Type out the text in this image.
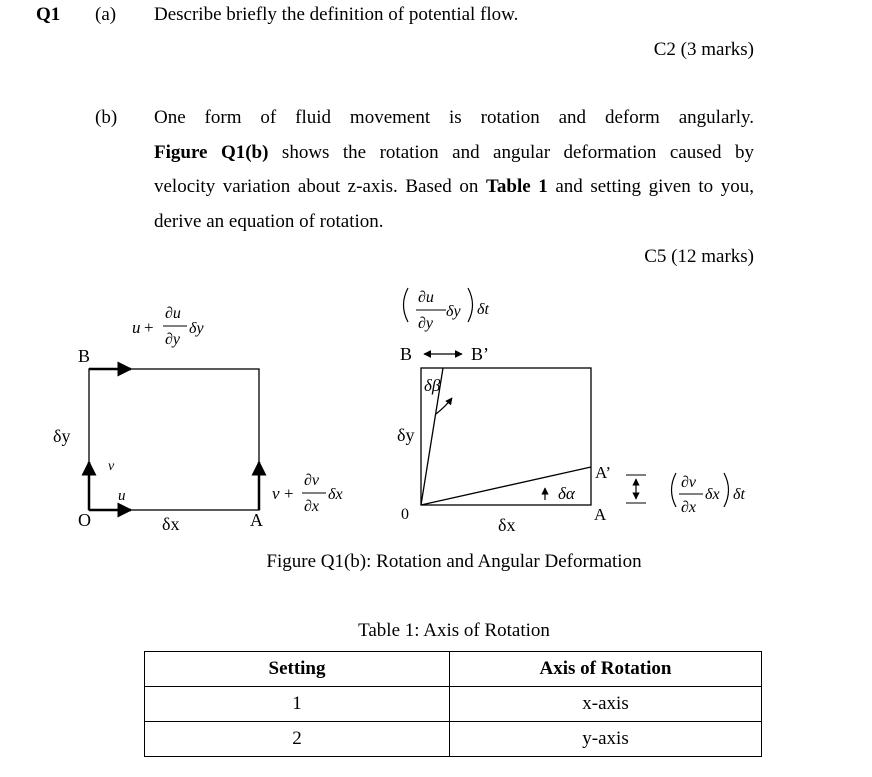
Q1 (a) Describe briefly the definition of potential flow.
C2 (3 marks)
(b) One form of fluid movement is rotation and deform angularly.
Figure Q1(b) shows the rotation and angular deformation caused by
velocity variation about z-axis. Based on Table 1 and setting given to you,
derive an equation of rotation.
C5 (12 marks)
u +
∂u
∂y
δy
B
δy
v
u
O	δx	A
v +
∂v
∂x
δx
∂u
∂y
δy δt
B	B’
δβ
δy
0
δα
A’
A
δx
∂v
∂x
δx δt
Figure Q1(b): Rotation and Angular Deformation
Table 1: Axis of Rotation
Setting	Axis of Rotation
1	x-axis
2	y-axis
